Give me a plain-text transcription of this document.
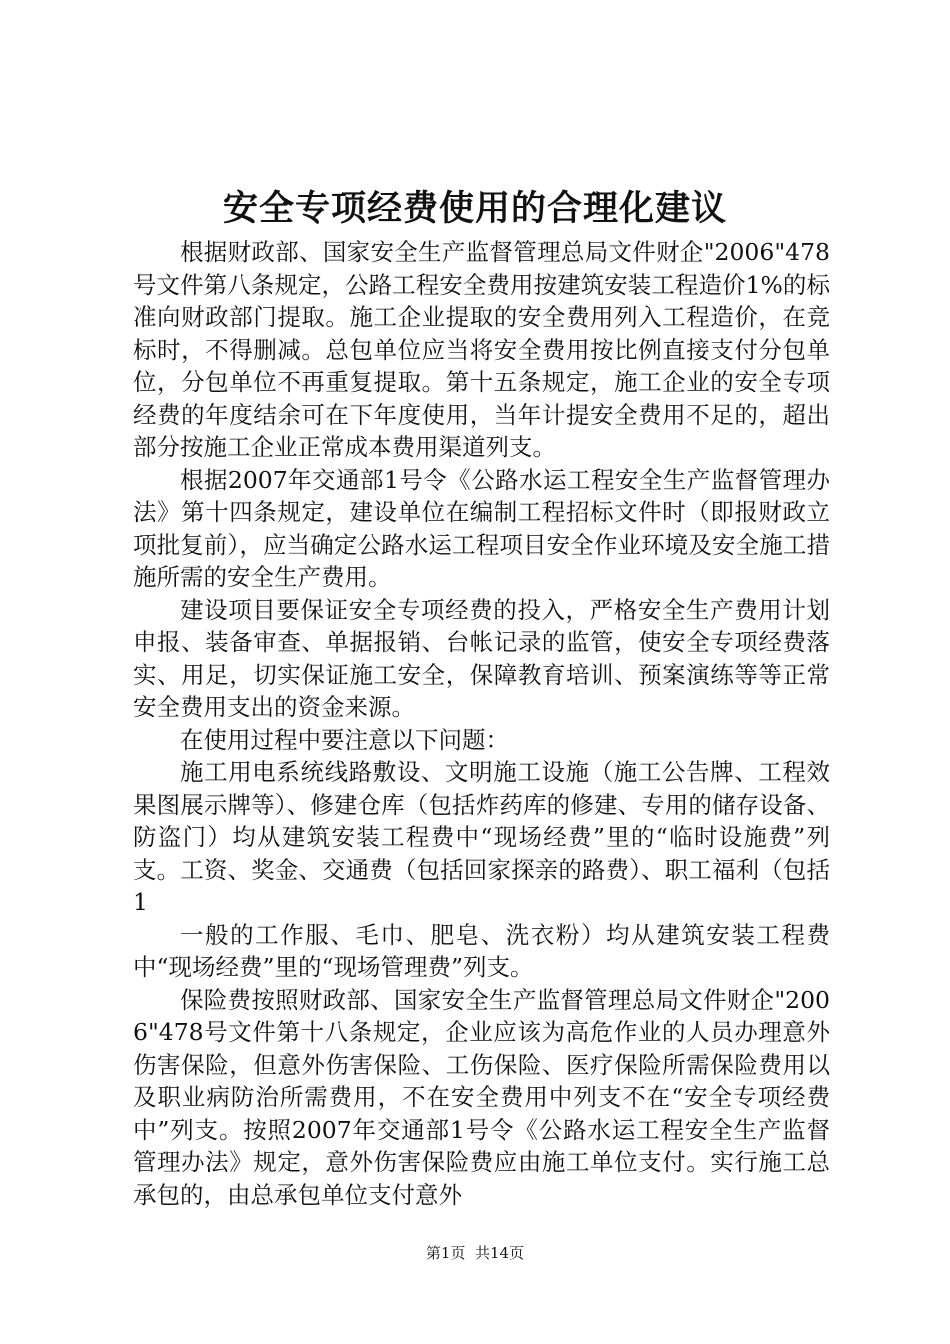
安全专项经费使用的合理化建议

根据财政部、国家安全生产监督管理总局文件财企"2006"478号文件第八条规定，公路工程安全费用按建筑安装工程造价1%的标准向财政部门提取。施工企业提取的安全费用列入工程造价，在竞标时，不得删减。总包单位应当将安全费用按比例直接支付分包单位，分包单位不再重复提取。第十五条规定，施工企业的安全专项经费的年度结余可在下年度使用，当年计提安全费用不足的，超出部分按施工企业正常成本费用渠道列支。

根据2007年交通部1号令《公路水运工程安全生产监督管理办法》第十四条规定，建设单位在编制工程招标文件时（即报财政立项批复前），应当确定公路水运工程项目安全作业环境及安全施工措施所需的安全生产费用。

建设项目要保证安全专项经费的投入，严格安全生产费用计划申报、装备审查、单据报销、台帐记录的监管，使安全专项经费落实、用足，切实保证施工安全，保障教育培训、预案演练等等正常安全费用支出的资金来源。

在使用过程中要注意以下问题：

施工用电系统线路敷设、文明施工设施（施工公告牌、工程效果图展示牌等）、修建仓库（包括炸药库的修建、专用的储存设备、防盗门）均从建筑安装工程费中“现场经费”里的“临时设施费”列支。工资、奖金、交通费（包括回家探亲的路费）、职工福利（包括1

一般的工作服、毛巾、肥皂、洗衣粉）均从建筑安装工程费中“现场经费”里的“现场管理费”列支。

保险费按照财政部、国家安全生产监督管理总局文件财企"2006"478号文件第十八条规定，企业应该为高危作业的人员办理意外伤害保险，但意外伤害保险、工伤保险、医疗保险所需保险费用以及职业病防治所需费用，不在安全费用中列支不在“安全专项经费中”列支。按照2007年交通部1号令《公路水运工程安全生产监督管理办法》规定，意外伤害保险费应由施工单位支付。实行施工总承包的，由总承包单位支付意外

第1页  共14页
